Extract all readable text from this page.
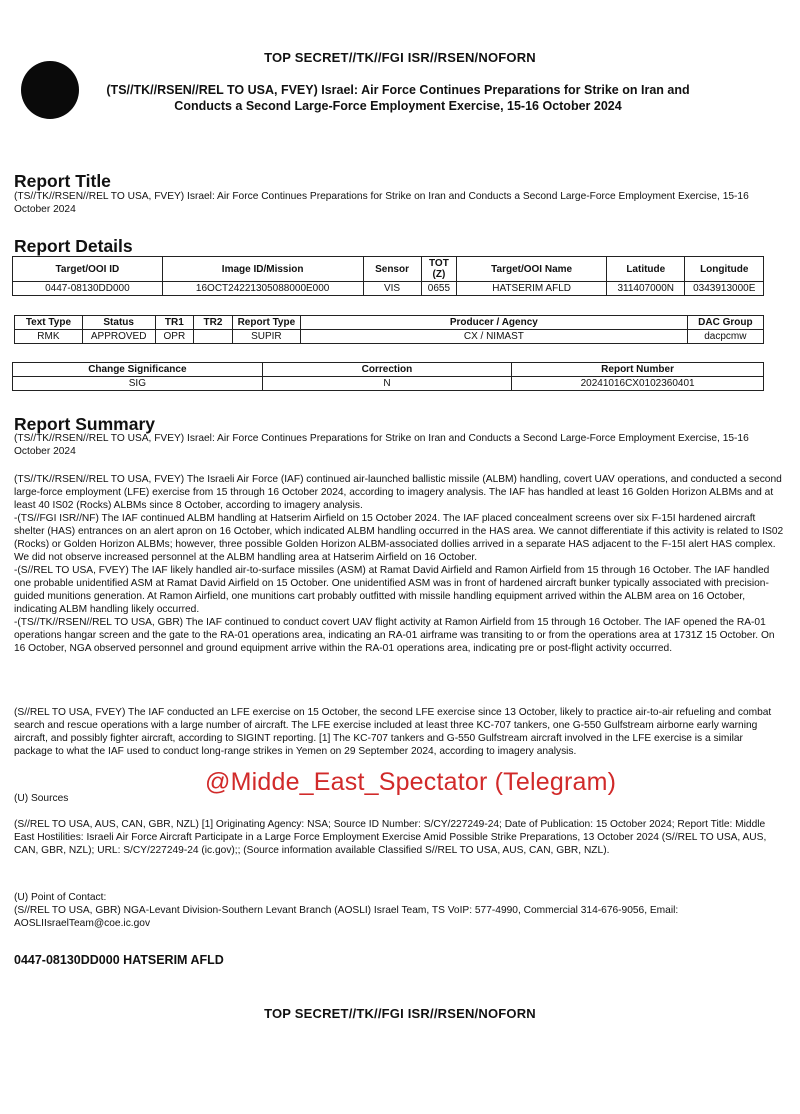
TOP SECRET//TK//FGI ISR//RSEN/NOFORN
(TS//TK//RSEN//REL TO USA, FVEY) Israel: Air Force Continues Preparations for Strike on Iran and Conducts a Second Large-Force Employment Exercise, 15-16 October 2024
Report Title
(TS//TK//RSEN//REL TO USA, FVEY) Israel: Air Force Continues Preparations for Strike on Iran and Conducts a Second Large-Force Employment Exercise, 15-16 October 2024
Report Details
Target/OOI ID	Image ID/Mission	Sensor	TOT (Z)	Target/OOI Name	Latitude	Longitude
0447-08130DD000	16OCT24221305088000E000	VIS	0655	HATSERIM AFLD	311407000N	0343913000E
Text Type	Status	TR1	TR2	Report Type	Producer / Agency	DAC Group
RMK	APPROVED	OPR		SUPIR	CX / NIMAST	dacpcmw
Change Significance	Correction	Report Number
SIG	N	20241016CX0102360401
Report Summary
(TS//TK//RSEN//REL TO USA, FVEY) Israel: Air Force Continues Preparations for Strike on Iran and Conducts a Second Large-Force Employment Exercise, 15-16 October 2024

(TS//TK//RSEN//REL TO USA, FVEY) The Israeli Air Force (IAF) continued air-launched ballistic missile (ALBM) handling, covert UAV operations, and conducted a second large-force employment (LFE) exercise from 15 through 16 October 2024, according to imagery analysis. The IAF has handled at least 16 Golden Horizon ALBMs and at least 40 IS02 (Rocks) ALBMs since 8 October, according to imagery analysis.

-(TS//FGI ISR//NF) The IAF continued ALBM handling at Hatserim Airfield on 15 October 2024. The IAF placed concealment screens over six F-15I hardened aircraft shelter (HAS) entrances on an alert apron on 16 October, which indicated ALBM handling occurred in the HAS area. We cannot differentiate if this activity is related to IS02 (Rocks) or Golden Horizon ALBMs; however, three possible Golden Horizon ALBM-associated dollies arrived in a separate HAS adjacent to the F-15I alert HAS complex. We did not observe increased personnel at the ALBM handling area at Hatserim Airfield on 16 October.

-(S//REL TO USA, FVEY) The IAF likely handled air-to-surface missiles (ASM) at Ramat David Airfield and Ramon Airfield from 15 through 16 October. The IAF handled one probable unidentified ASM at Ramat David Airfield on 15 October. One unidentified ASM was in front of hardened aircraft bunker typically associated with precision-guided munitions generation. At Ramon Airfield, one munitions cart probably outfitted with missile handling equipment arrived within the ALBM area on 16 October, indicating ALBM handling likely occurred.

-(TS//TK//RSEN//REL TO USA, GBR) The IAF continued to conduct covert UAV flight activity at Ramon Airfield from 15 through 16 October. The IAF opened the RA-01 operations hangar screen and the gate to the RA-01 operations area, indicating an RA-01 airframe was transiting to or from the operations area at 1731Z 15 October. On 16 October, NGA observed personnel and ground equipment arrive within the RA-01 operations area, indicating pre or post-flight activity occurred.

(S//REL TO USA, FVEY) The IAF conducted an LFE exercise on 15 October, the second LFE exercise since 13 October, likely to practice air-to-air refueling and combat search and rescue operations with a large number of aircraft. The LFE exercise included at least three KC-707 tankers, one G-550 Gulfstream airborne early warning aircraft, and possibly fighter aircraft, according to SIGINT reporting. [1] The KC-707 tankers and G-550 Gulfstream aircraft involved in the LFE exercise is a similar package to what the IAF used to conduct long-range strikes in Yemen on 29 September 2024, according to imagery analysis.
(U) Sources
(S//REL TO USA, AUS, CAN, GBR, NZL) [1] Originating Agency: NSA; Source ID Number: S/CY/227249-24; Date of Publication: 15 October 2024; Report Title: Middle East Hostilities: Israeli Air Force Aircraft Participate in a Large Force Employment Exercise Amid Possible Strike Preparations, 13 October 2024 (S//REL TO USA, AUS, CAN, GBR, NZL); URL: S/CY/227249-24 (ic.gov);; (Source information available Classified S//REL TO USA, AUS, CAN, GBR, NZL).
(U) Point of Contact:
(S//REL TO USA, GBR) NGA-Levant Division-Southern Levant Branch (AOSLI) Israel Team, TS VoIP: 577-4990, Commercial 314-676-9056, Email: AOSLIIsraelTeam@coe.ic.gov
0447-08130DD000 HATSERIM AFLD
TOP SECRET//TK//FGI ISR//RSEN/NOFORN
@Midde_East_Spectator (Telegram)
